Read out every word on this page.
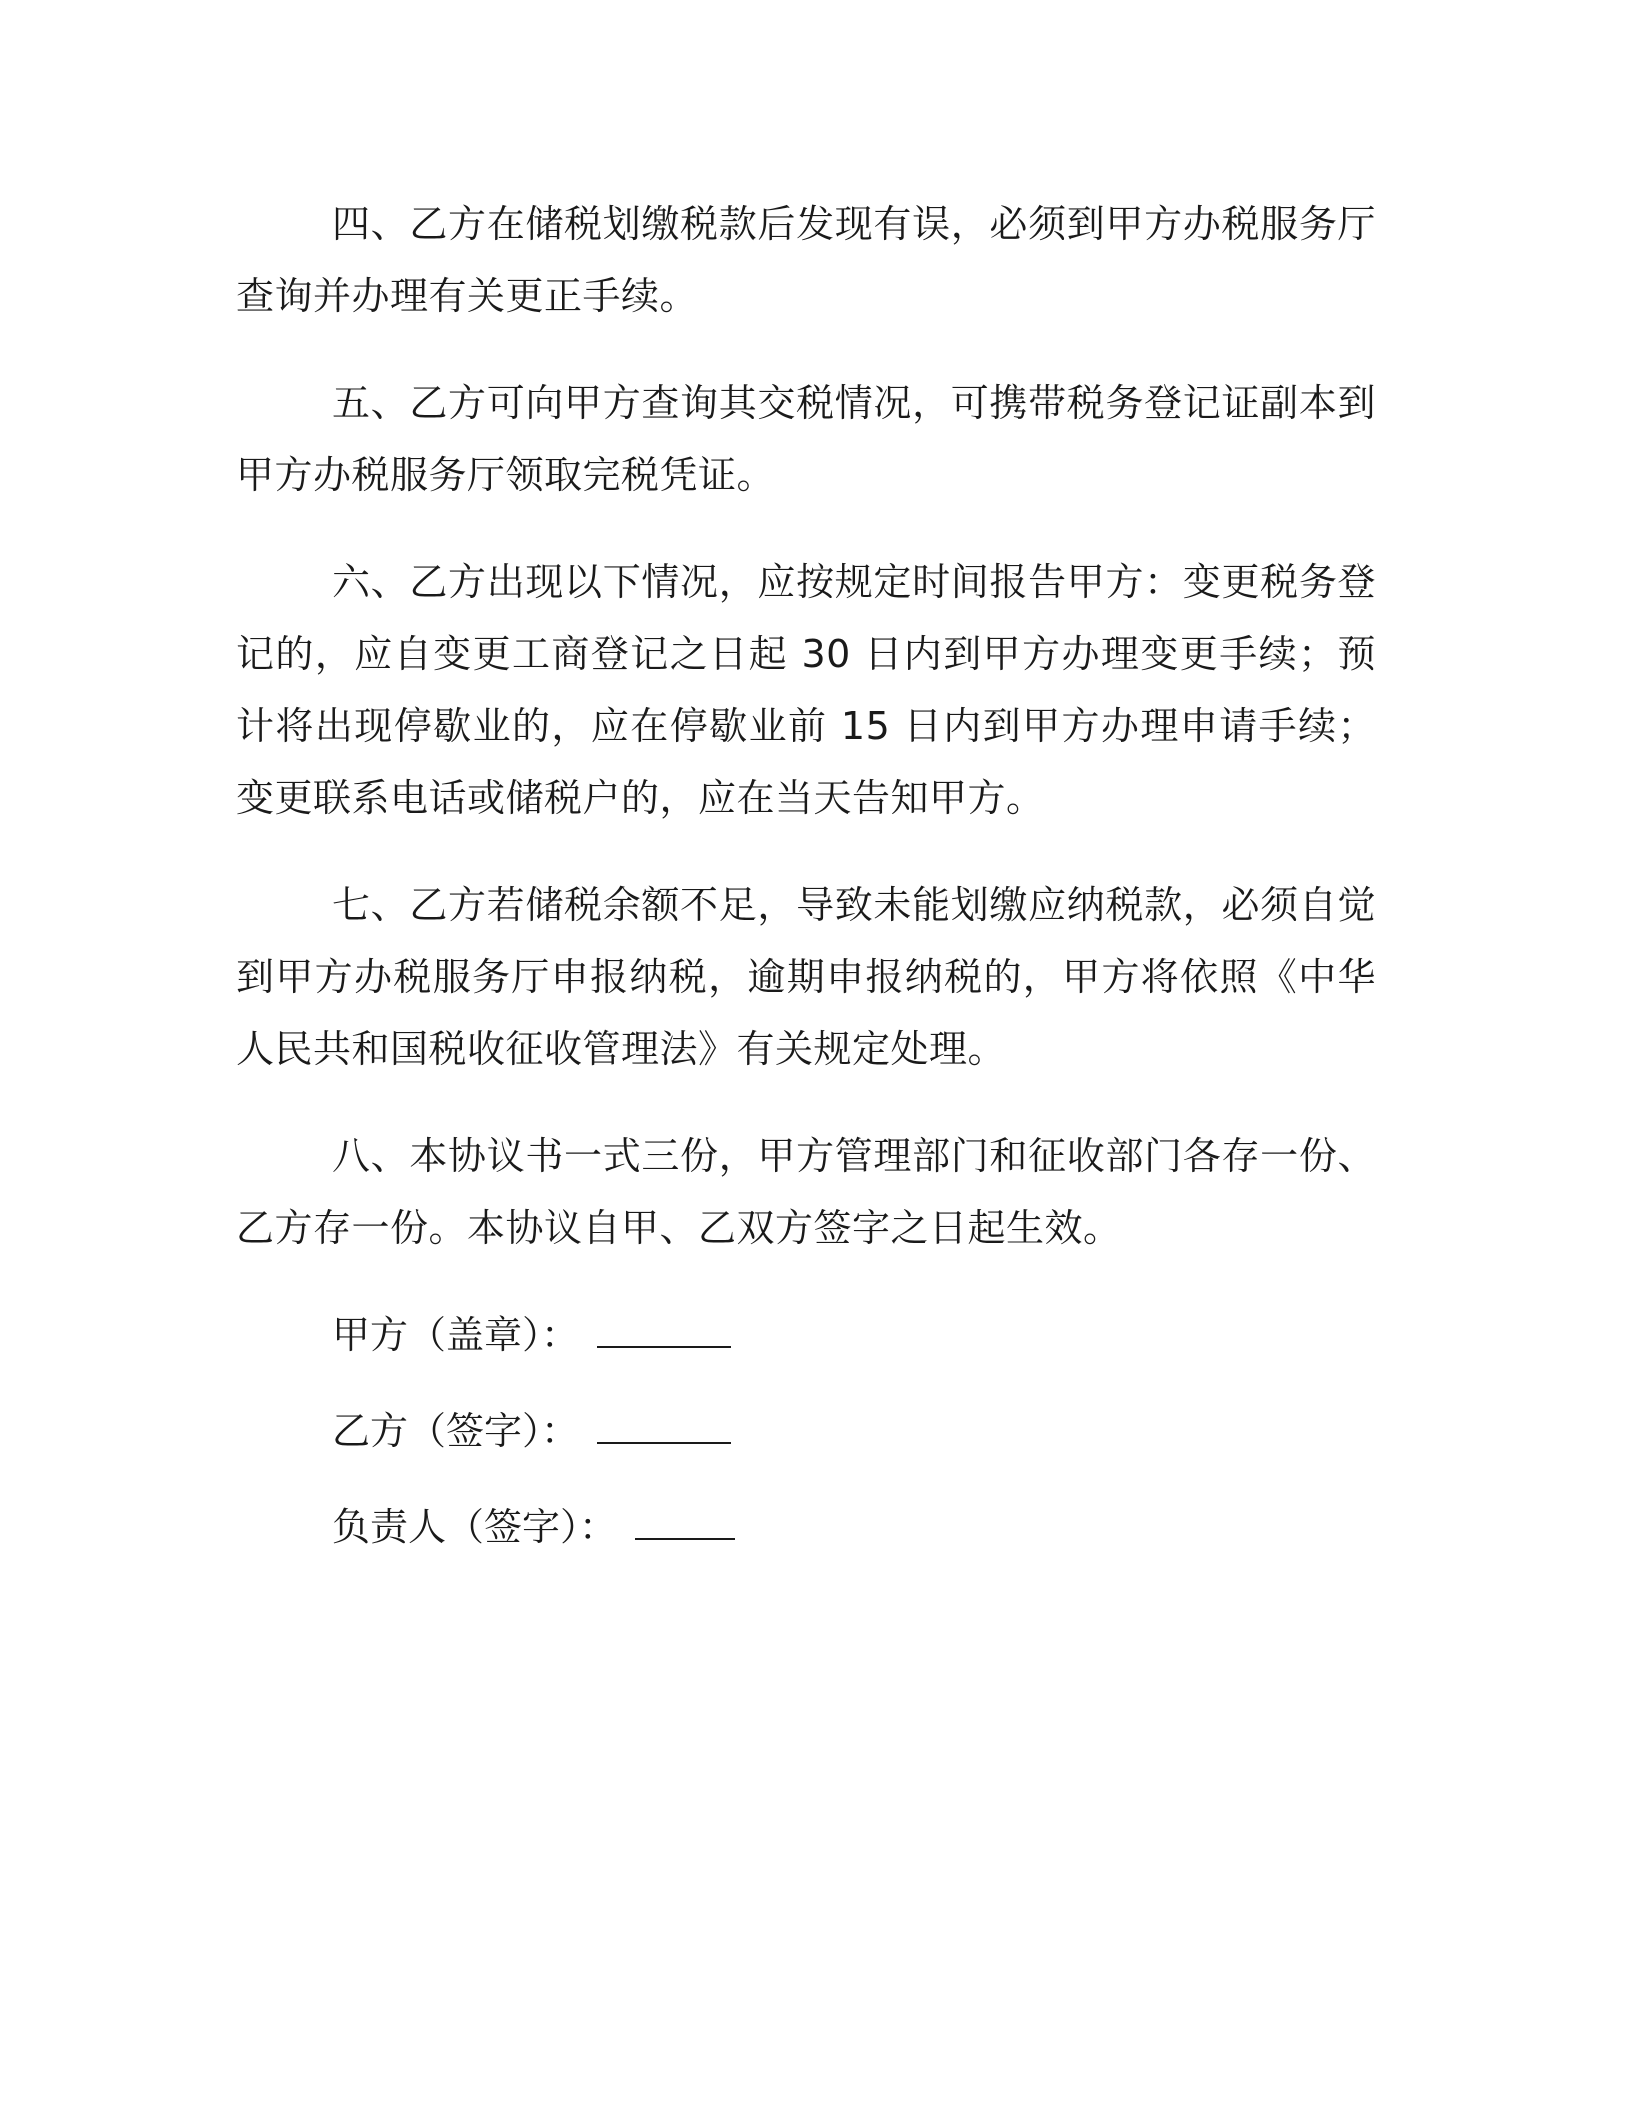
四、乙方在储税划缴税款后发现有误，必须到甲方办税服务厅查询并办理有关更正手续。

五、乙方可向甲方查询其交税情况，可携带税务登记证副本到甲方办税服务厅领取完税凭证。

六、乙方出现以下情况，应按规定时间报告甲方：变更税务登记的，应自变更工商登记之日起 30 日内到甲方办理变更手续；预计将出现停歇业的，应在停歇业前 15 日内到甲方办理申请手续；变更联系电话或储税户的，应在当天告知甲方。

七、乙方若储税余额不足，导致未能划缴应纳税款，必须自觉到甲方办税服务厅申报纳税，逾期申报纳税的，甲方将依照《中华人民共和国税收征收管理法》有关规定处理。

八、本协议书一式三份，甲方管理部门和征收部门各存一份、乙方存一份。本协议自甲、乙双方签字之日起生效。

甲方（盖章）：
乙方（签字）：
负责人（签字）：
